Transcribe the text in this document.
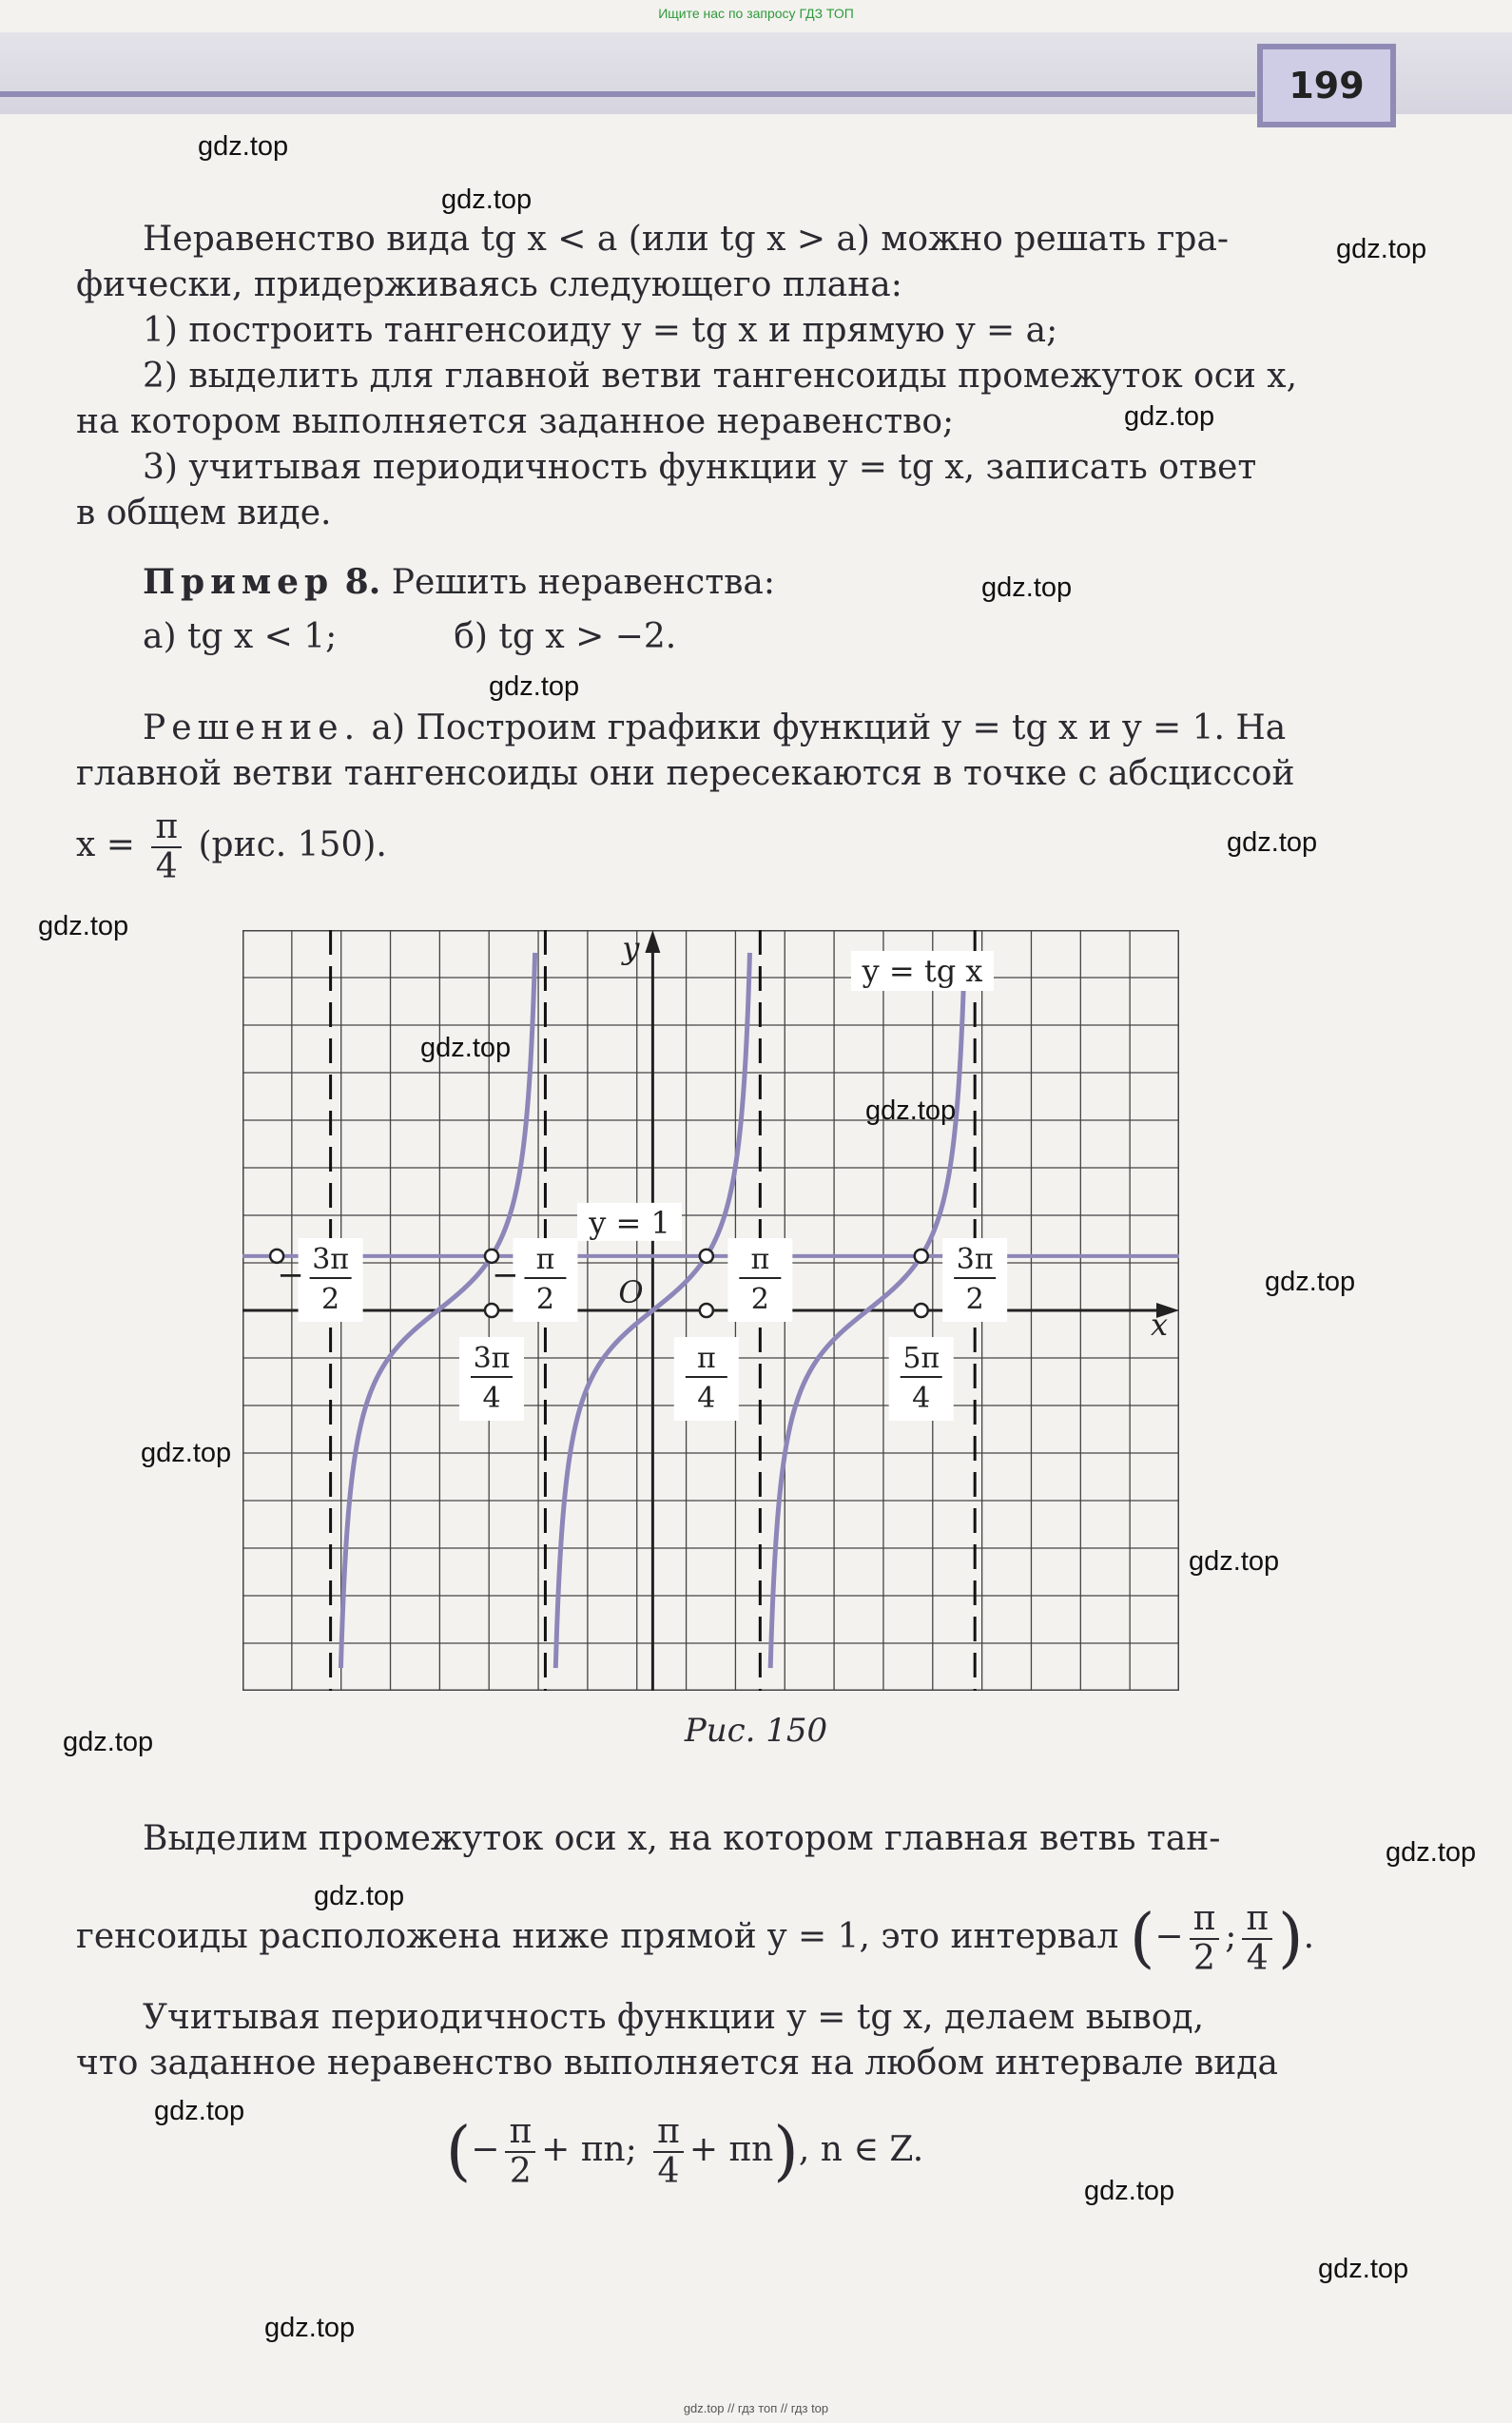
Ищите нас по запросу ГДЗ ТОП
199

Неравенство вида tg x < a (или tg x > a) можно решать гра-

фически, придерживаясь следующего плана:

1) построить тангенсоиду y = tg x и прямую y = a;

2) выделить для главной ветви тангенсоиды промежуток оси x,

на котором выполняется заданное неравенство;

3) учитывая периодичность функции y = tg x, записать ответ

в общем виде.

Пример 8. Решить неравенства:

а) tg x < 1;	б) tg x > −2.

Решение. а) Построим графики функций y = tg x и y = 1. На

главной ветви тангенсоиды они пересекаются в точке с абсциссой

$x = \frac{\pi}{4} (рис$. 150).

− 3π
2
3π
4
− π
2
π
4
π
2
5π
4
3π
2
O
x
y
y = tg x
y = 1
Рис. 150

Выделим промежуток оси x, на котором главная ветвь тан-

генсоиды расположена ниже прямой y = 1, это интервал (− $\frac{\pi}{2}$ ; $\frac{\pi}{4}$ ).

Учитывая периодичность функции y = tg x, делаем вывод,

что заданное неравенство выполняется на любом интервале вида

(− $\frac{\pi}{2} + \pi n$; $\frac{\pi}{4} + \pi n$), n ∈ Z.

gdz.top
gdz.top
gdz.top
gdz.top
gdz.top
gdz.top
gdz.top
gdz.top
gdz.top
gdz.top
gdz.top
gdz.top
gdz.top
gdz.top
gdz.top
gdz.top
gdz.top
gdz.top
gdz.top
gdz.top
gdz.top // гдз топ // гдз top
